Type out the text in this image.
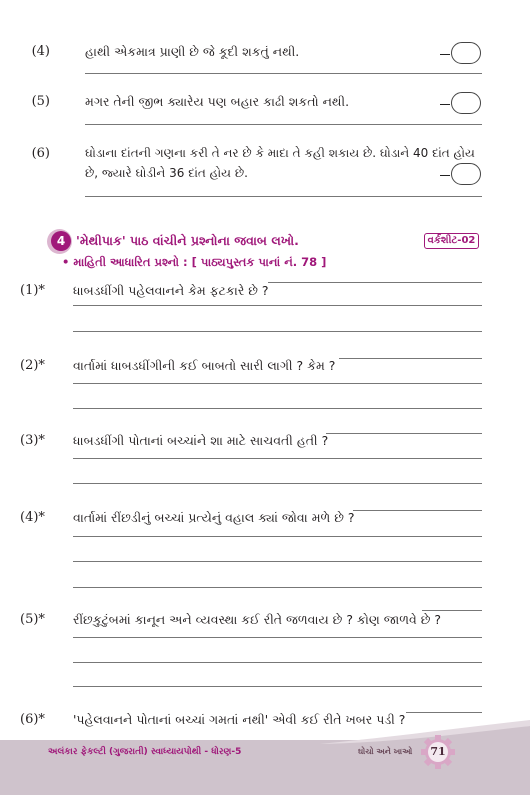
(4)	હાથી એકમાત્ર પ્રાણી છે જે કૂદી શકતું નથી.
(5)	મગર તેની જીભ ક્યારેય પણ બહાર કાઢી શકતો નથી.
(6)	ઘોડાના દાંતની ગણના કરી તે નર છે કે માદા તે કહી શકાય છે. ઘોડાને 40 દાંત હોય
છે, જ્યારે ઘોડીને 36 દાંત હોય છે.
4 'મેથીપાક' પાઠ વાંચીને પ્રશ્નોના જવાબ લખો.	વર્કશીટ-02
• માહિતી આધારિત પ્રશ્નો : [ પાઠ્યપુસ્તક પાનાં નં. 78 ]
(1)* ધાબડધીંગી પહેલવાનને કેમ ફટકારે છે ?
(2)* વાર્તામાં ધાબડધીંગીની કઈ બાબતો સારી લાગી ? કેમ ?
(3)* ધાબડધીંગી પોતાનાં બચ્ચાંને શા માટે સાચવતી હતી ?
(4)* વાર્તામાં રીંછડીનું બચ્ચાં પ્રત્યેનું વહાલ ક્યાં જોવા મળે છે ?
(5)* રીંછકુટુંબમાં કાનૂન અને વ્યવસ્થા કઈ રીતે જળવાય છે ? કોણ જાળવે છે ?
(6)* 'પહેલવાનને પોતાનાં બચ્ચાં ગમતાં નથી' એવી કઈ રીતે ખબર પડી ?
અલંકાર ફેકલ્ટી (ગુજરાતી) સ્વાધ્યાયપોથી - ધોરણ-5	ઘોચો અને ખાઓ	71
